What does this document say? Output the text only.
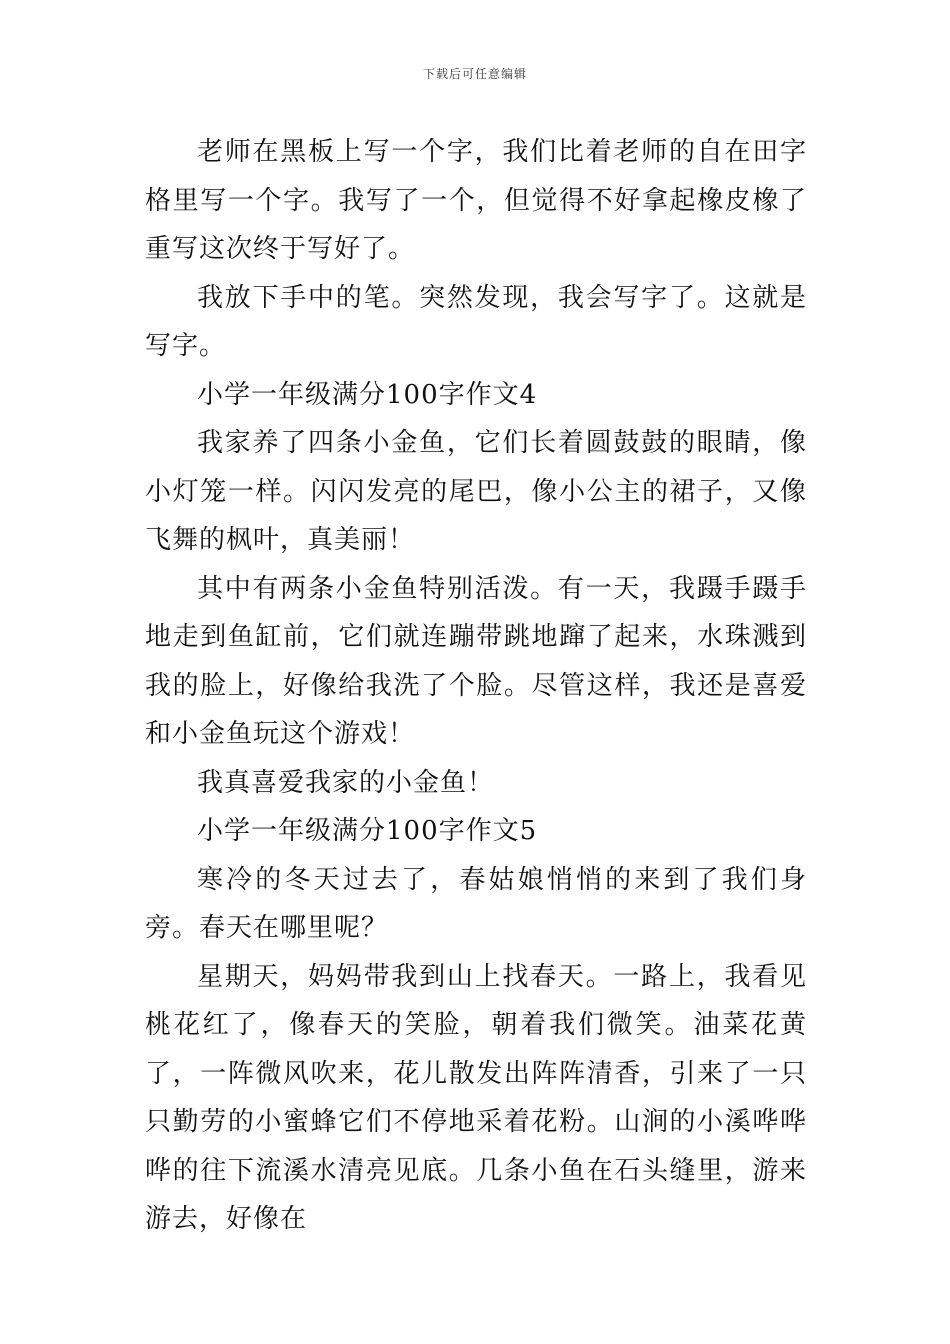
下载后可任意编辑

老师在黑板上写一个字，我们比着老师的自在田字格里写一个字。我写了一个，但觉得不好拿起橡皮橡了重写这次终于写好了。

我放下手中的笔。突然发现，我会写字了。这就是写字。

小学一年级满分100字作文4

我家养了四条小金鱼，它们长着圆鼓鼓的眼睛，像小灯笼一样。闪闪发亮的尾巴，像小公主的裙子，又像飞舞的枫叶，真美丽！

其中有两条小金鱼特别活泼。有一天，我蹑手蹑手地走到鱼缸前，它们就连蹦带跳地蹿了起来，水珠溅到我的脸上，好像给我洗了个脸。尽管这样，我还是喜爱和小金鱼玩这个游戏！

我真喜爱我家的小金鱼！

小学一年级满分100字作文5

寒冷的冬天过去了，春姑娘悄悄的来到了我们身旁。春天在哪里呢？

星期天，妈妈带我到山上找春天。一路上，我看见桃花红了，像春天的笑脸，朝着我们微笑。油菜花黄了，一阵微风吹来，花儿散发出阵阵清香，引来了一只只勤劳的小蜜蜂它们不停地采着花粉。山涧的小溪哗哗哗的往下流溪水清亮见底。几条小鱼在石头缝里，游来游去，好像在
